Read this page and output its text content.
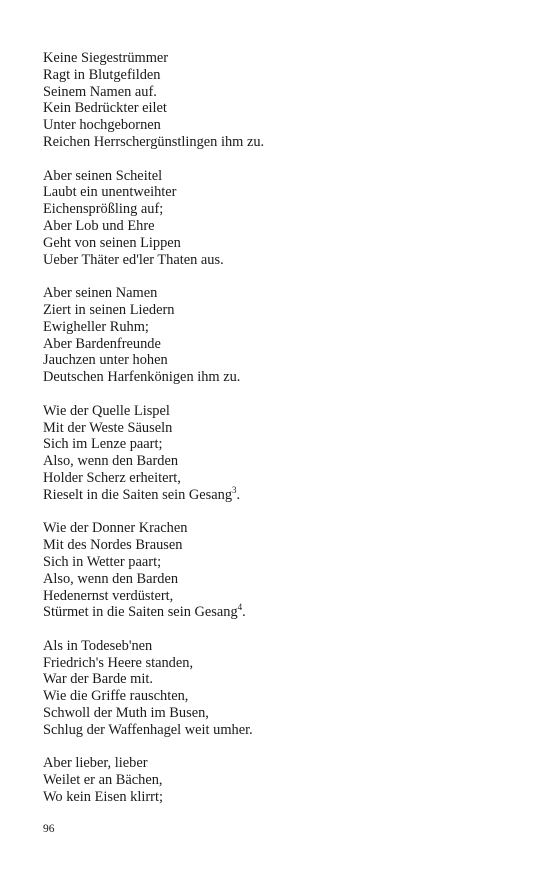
Keine Siegestrümmer
Ragt in Blutgefilden
Seinem Namen auf.
Kein Bedrückter eilet
Unter hochgebornen
Reichen Herrschergünstlingen ihm zu.
Aber seinen Scheitel
Laubt ein unentweihter
Eichensprößling auf;
Aber Lob und Ehre
Geht von seinen Lippen
Ueber Thäter ed'ler Thaten aus.
Aber seinen Namen
Ziert in seinen Liedern
Ewigheller Ruhm;
Aber Bardenfreunde
Jauchzen unter hohen
Deutschen Harfenkönigen ihm zu.
Wie der Quelle Lispel
Mit der Weste Säuseln
Sich im Lenze paart;
Also, wenn den Barden
Holder Scherz erheitert,
Rieselt in die Saiten sein Gesang$^3$.
Wie der Donner Krachen
Mit des Nordes Brausen
Sich in Wetter paart;
Also, wenn den Barden
Hedenernst verdüstert,
Stürmet in die Saiten sein Gesang$^4$.
Als in Todeseb'nen
Friedrich's Heere standen,
War der Barde mit.
Wie die Griffe rauschten,
Schwoll der Muth im Busen,
Schlug der Waffenhagel weit umher.
Aber lieber, lieber
Weilet er an Bächen,
Wo kein Eisen klirrt;
96
